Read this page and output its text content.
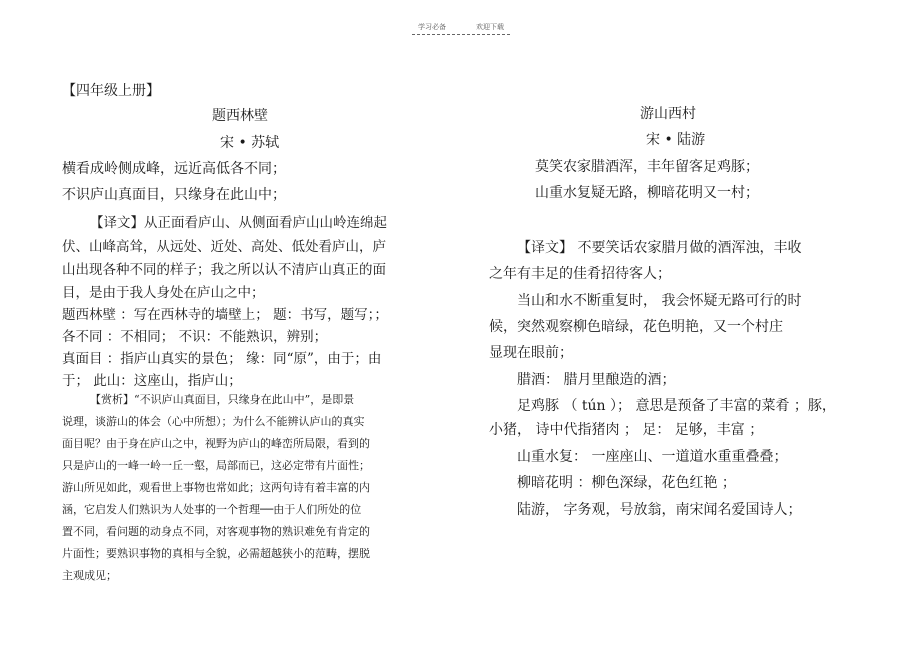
学习必备	欢迎下载
【四年级上册】
题西林壁
宋 • 苏轼
横看成岭侧成峰，远近高低各不同；
不识庐山真面目，只缘身在此山中；
【译文】从正面看庐山、从侧面看庐山山岭连绵起
伏、山峰高耸，从远处、近处、高处、低处看庐山，庐
山出现各种不同的样子；我之所以认不清庐山真正的面
目，是由于我人身处在庐山之中；
题西林壁 ：写在西林寺的墙壁上； 题：书写，题写；；
各不同 ：不相同； 不识：不能熟识，辨别；
真面目 ：指庐山真实的景色； 缘：同“原”，由于；由
于； 此山：这座山，指庐山；
【赏析】“不识庐山真面目，只缘身在此山中”，是即景
说理，谈游山的体会（心中所想）；为什么不能辨认庐山的真实
面目呢？由于身在庐山之中，视野为庐山的峰峦所局限，看到的
只是庐山的一峰一岭一丘一壑，局部而已，这必定带有片面性；
游山所见如此，观看世上事物也常如此；这两句诗有着丰富的内
涵，它启发人们熟识为人处事的一个哲理──由于人们所处的位
置不同，看问题的动身点不同，对客观事物的熟识难免有肯定的
片面性；要熟识事物的真相与全貌，必需超越狭小的范畴，摆脱
主观成见；
游山西村
宋 • 陆游
莫笑农家腊酒浑，丰年留客足鸡豚；
山重水复疑无路，柳暗花明又一村；
【译文】 不要笑话农家腊月做的酒浑浊，丰收
之年有丰足的佳肴招待客人；
当山和水不断重复时， 我会怀疑无路可行的时
候，突然观察柳色暗绿，花色明艳，又一个村庄
显现在眼前；
腊酒： 腊月里酿造的酒；
足鸡豚 （ tún ）； 意思是预备了丰富的菜肴 ；豚，
小猪， 诗中代指猪肉 ； 足： 足够，丰富 ；
山重水复： 一座座山、一道道水重重叠叠；
柳暗花明 ：柳色深绿，花色红艳 ；
陆游， 字务观，号放翁，南宋闻名爱国诗人；
